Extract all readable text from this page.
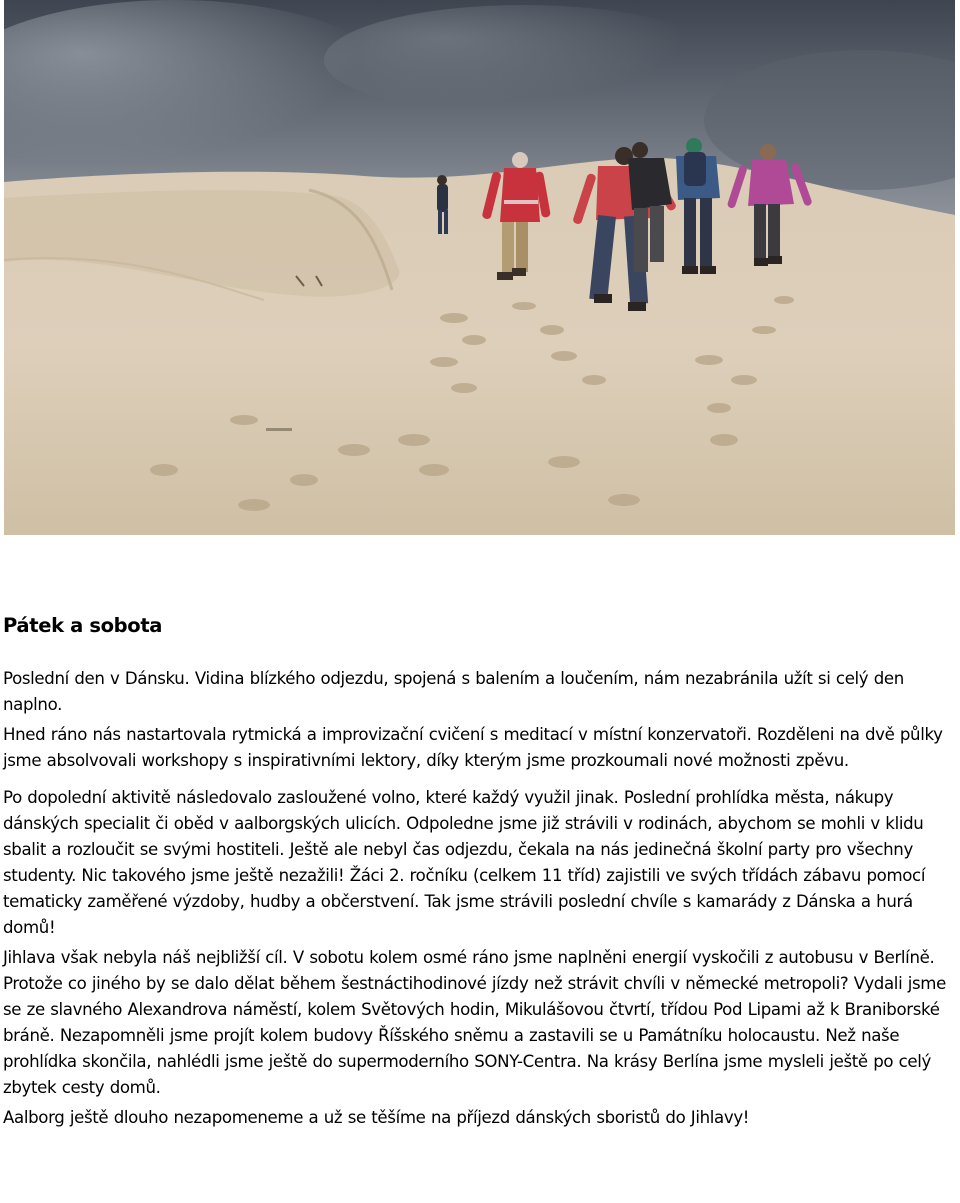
Pátek a sobota

Poslední den v Dánsku. Vidina blízkého odjezdu, spojená s balením a loučením, nám nezabránila užít si celý den naplno.

Hned ráno nás nastartovala rytmická a improvizační cvičení s meditací v místní konzervatoři. Rozděleni na dvě půlky jsme absolvovali workshopy s inspirativními lektory, díky kterým jsme prozkoumali nové možnosti zpěvu.

Po dopolední aktivitě následovalo zasloužené volno, které každý využil jinak. Poslední prohlídka města, nákupy dánských specialit či oběd v aalborgských ulicích. Odpoledne jsme již strávili v rodinách, abychom se mohli v klidu sbalit a rozloučit se svými hostiteli. Ještě ale nebyl čas odjezdu, čekala na nás jedinečná školní party pro všechny studenty. Nic takového jsme ještě nezažili! Žáci 2. ročníku (celkem 11 tříd) zajistili ve svých třídách zábavu pomocí tematicky zaměřené výzdoby, hudby a občerstvení. Tak jsme strávili poslední chvíle s kamarády z Dánska a hurá domů!

Jihlava však nebyla náš nejbližší cíl. V sobotu kolem osmé ráno jsme naplněni energií vyskočili z autobusu v Berlíně. Protože co jiného by se dalo dělat během šestnáctihodinové jízdy než strávit chvíli v německé metropoli? Vydali jsme se ze slavného Alexandrova náměstí, kolem Světových hodin, Mikulášovou čtvrtí, třídou Pod Lipami až k Braniborské bráně. Nezapomněli jsme projít kolem budovy Říšského sněmu a zastavili se u Památníku holocaustu. Než naše prohlídka skončila, nahlédli jsme ještě do supermoderního SONY-Centra. Na krásy Berlína jsme mysleli ještě po celý zbytek cesty domů.

Aalborg ještě dlouho nezapomeneme a už se těšíme na příjezd dánských sboristů do Jihlavy!
